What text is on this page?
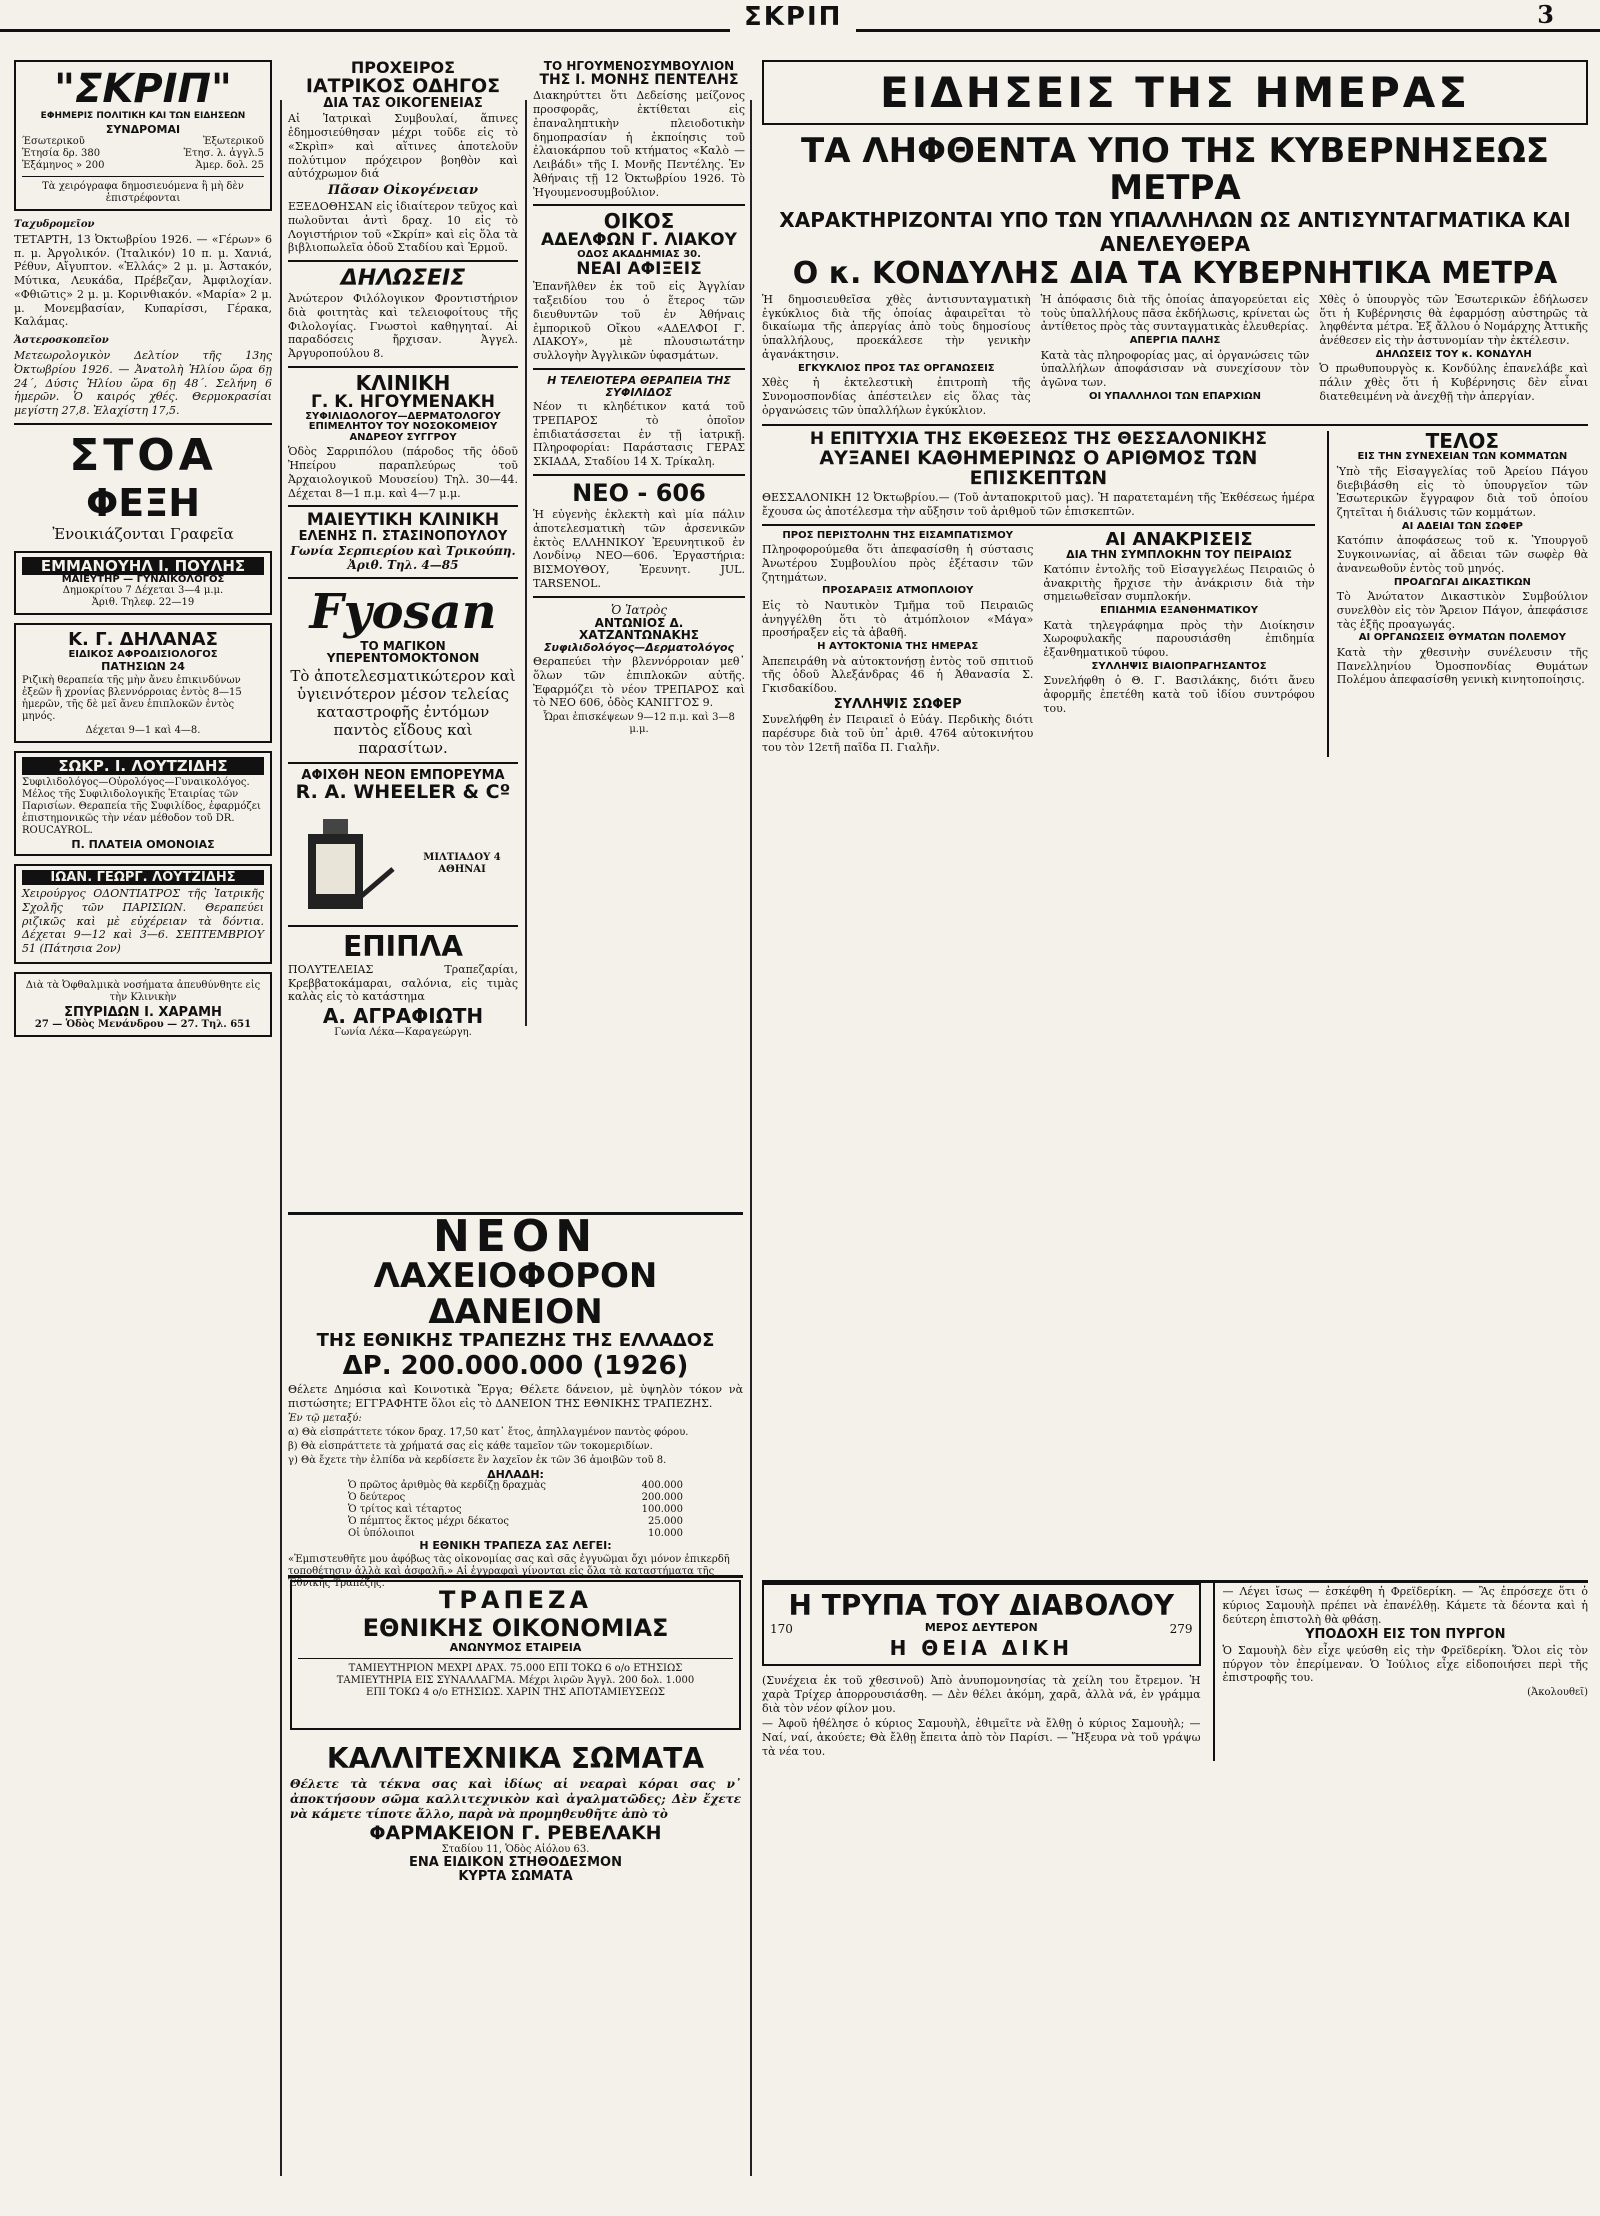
ΣΚΡΙΠ	3
"ΣΚΡΙΠ"
ΕΦΗΜΕΡΙΣ ΠΟΛΙΤΙΚΗ ΚΑΙ ΤΩΝ ΕΙΔΗΣΕΩΝ
ΣΥΝΔΡΟΜΑΙ
Έσωτερικοῦ	Ἐξωτερικοῦ
Ἐτησία δρ. 380	Ἐτησ. λ. ἀγγλ.5
Ἑξάμηνος » 200	Ἀμερ. δολ. 25
Τὰ χειρόγραφα δημοσιευόμενα ἢ μὴ δὲν ἐπιστρέφονται
Ταχυδρομεῖον

ΤΕΤΑΡΤΗ, 13 Ὀκτωβρίου 1926. — «Γέρων» 6 π. μ. Ἀργολικόν. (Ἰταλικόν) 10 π. μ. Χανιά, Ρέθυν, Αἴγυπτον. «Ἑλλάς» 2 μ. μ. Ἀστακόν, Μύτικα, Λευκάδα, Πρέβεζαν, Ἀμφιλοχίαν. «Φθιῶτις» 2 μ. μ. Κορινθιακόν. «Μαρία» 2 μ. μ. Μονεμβασίαν, Κυπαρίσσι, Γέρακα, Καλάμας.

Ἀστεροσκοπεῖον

Μετεωρολογικὸν Δελτίον τῆς 13ης Ὀκτωβρίου 1926. — Ἀνατολὴ Ἡλίου ὥρα 6ῃ 24΄, Δύσις Ἡλίου ὥρα 6ῃ 48΄. Σελήνη 6 ἡμερῶν. Ὁ καιρός χθές. Θερμοκρασίαι μεγίστη 27,8. Ἐλαχίστη 17,5.

ΣΤΟΑ
ΦΕΞΗ
Ἐνοικιάζονται Γραφεῖα
ΕΜΜΑΝΟΥΗΛ Ι. ΠΟΥΛΗΣ
ΜΑΙΕΥΤΗΡ — ΓΥΝΑΙΚΟΛΟΓΟΣ
Δημοκρίτου 7 Δέχεται 3—4 μ.μ.
Ἀριθ. Τηλεφ. 22—19
Κ. Γ. ΔΗΛΑΝΑΣ
ΕΙΔΙΚΟΣ ΑΦΡΟΔΙΣΙΟΛΟΓΟΣ
ΠΑΤΗΣΙΩΝ 24

Ριζικὴ θεραπεία τῆς μὴν ἄνευ ἐπικινδύνων ἐξεῶν ἢ χρονίας βλεννόρροιας ἐντὸς 8—15 ἡμερῶν, τῆς δὲ μεῖ ἄνευ ἐπιπλοκῶν ἐντὸς μηνός.

Δέχεται 9—1 καὶ 4—8.
ΣΩΚΡ. Ι. ΛΟΥΤΖΙΔΗΣ

Συφιλιδολόγος—Οὐρολόγος—Γυναικολόγος. Μέλος τῆς Συφιλιδολογικῆς Ἑταιρίας τῶν Παρισίων. Θεραπεία τῆς Συφιλίδος, ἐφαρμόζει ἐπιστημονικῶς τὴν νέαν μέθοδον τοῦ DR. ROUCAYROL.

Π. ΠΛΑΤΕΙΑ ΟΜΟΝΟΙΑΣ
ΙΩΑΝ. ΓΕΩΡΓ. ΛΟΥΤΖΙΔΗΣ

Χειρούργος ΟΔΟΝΤΙΑΤΡΟΣ τῆς Ἰατρικῆς Σχολῆς τῶν ΠΑΡΙΣΙΩΝ. Θεραπεύει ριζικῶς καὶ μὲ εὐχέρειαν τὰ δόντια. Δέχεται 9—12 καὶ 3—6. ΣΕΠΤΕΜΒΡΙΟΥ 51 (Πάτησια 2ον)

Διὰ τὰ Ὀφθαλμικὰ νοσήματα ἀπευθύνθητε εἰς τὴν Κλινικὴν

ΣΠΥΡΙΔΩΝ Ι. ΧΑΡΑΜΗ
27 — Ὁδὸς Μενάνδρου — 27. Τηλ. 651
ΠΡΟΧΕΙΡΟΣ
ΙΑΤΡΙΚΟΣ ΟΔΗΓΟΣ
ΔΙΑ ΤΑΣ ΟΙΚΟΓΕΝΕΙΑΣ

Αἱ Ἰατρικαὶ Συμβουλαί, ἅπινες ἐδημοσιεύθησαν μέχρι τοῦδε εἰς τὸ «Σκρὶπ» καὶ αἵτινες ἀποτελοῦν πολύτιμον πρόχειρον βοηθὸν καὶ αὐτόχρωμον διά

Πᾶσαν Οἰκογένειαν

ΕΞΕΔΟΘΗΣΑΝ εἰς ἰδιαίτερον τεῦχος καὶ πωλοῦνται ἀντὶ δραχ. 10 εἰς τὸ Λογιστήριον τοῦ «Σκρίπ» καὶ εἰς ὅλα τὰ βιβλιοπωλεῖα ὁδοῦ Σταδίου καὶ Ἑρμοῦ.

ΔΗΛΩΣΕΙΣ

Ἀνώτερον Φιλόλογικον Φροντιστήριον διὰ φοιτητὰς καὶ τελειοφοίτους τῆς Φιλολογίας. Γνωστοὶ καθηγηταί. Αἱ παραδόσεις ἤρχισαν. Ἀγγελ. Ἀργυροπούλου 8.

ΚΛΙΝΙΚΗ
Γ. Κ. ΗΓΟΥΜΕΝΑΚΗ
ΣΥΦΙΛΙΔΟΛΟΓΟΥ—ΔΕΡΜΑΤΟΛΟΓΟΥ
ΕΠΙΜΕΛΗΤΟΥ ΤΟΥ ΝΟΣΟΚΟΜΕΙΟΥ ΑΝΔΡΕΟΥ ΣΥΓΓΡΟΥ

Ὁδὸς Σαρριπόλου (πάροδος τῆς ὁδοῦ Ἠπείρου παραπλεύρως τοῦ Ἀρχαιολογικοῦ Μουσείου) Τηλ. 30—44. Δέχεται 8—1 π.μ. καὶ 4—7 μ.μ.

ΜΑΙΕΥΤΙΚΗ ΚΛΙΝΙΚΗ
ΕΛΕΝΗΣ Π. ΣΤΑΣΙΝΟΠΟΥΛΟΥ
Γωνία Σερπιερίου καὶ Τρικούπη. Ἀριθ. Τηλ. 4—85
Fyosan
ΤΟ ΜΑΓΙΚΟΝ ΥΠΕΡΕΝΤΟΜΟΚΤΟΝΟΝ

Τὸ ἀποτελεσματικώτερον καὶ ὑγιεινότερον μέσον τελείας καταστροφῆς ἐντόμων παντὸς εἴδους καὶ παρασίτων.

ΑΦΙΧΘΗ ΝΕΟΝ ΕΜΠΟΡΕΥΜΑ
R. A. WHEELER & Cº
ΜΙΛΤΙΑΔΟΥ 4 ΑΘΗΝΑΙ
ΕΠΙΠΛΑ

ΠΟΛΥΤΕΛΕΙΑΣ Τραπεζαρίαι, Κρεββατοκάμαραι, σαλόνια, εἰς τιμὰς καλὰς εἰς τὸ κατάστημα

Α. ΑΓΡΑΦΙΩΤΗ
Γωνία Λέκα—Καραγεώργη.
ΤΟ ΗΓΟΥΜΕΝΟΣΥΜΒΟΥΛΙΟΝ
ΤΗΣ Ι. ΜΟΝΗΣ ΠΕΝΤΕΛΗΣ

Διακηρύττει ὅτι Δεδείσης μείζονος προσφορᾶς, ἐκτίθεται εἰς ἐπαναληπτικὴν πλειοδοτικὴν δημοπρασίαν ἡ ἐκποίησις τοῦ ἐλαιοκάρπου τοῦ κτήματος «Καλὸ —Λειβάδι» τῆς Ι. Μονῆς Πεντέλης. Ἐν Ἀθήναις τῇ 12 Ὀκτωβρίου 1926. Τὸ Ἡγουμενοσυμβούλιον.

ΟΙΚΟΣ
ΑΔΕΛΦΩΝ Γ. ΛΙΑΚΟΥ
ΟΔΟΣ ΑΚΑΔΗΜΙΑΣ 30.
ΝΕΑΙ ΑΦΙΞΕΙΣ

Ἐπανῆλθεν ἐκ τοῦ εἰς Ἀγγλίαν ταξειδίου του ὁ ἕτερος τῶν διευθυντῶν τοῦ ἐν Ἀθήναις ἐμπορικοῦ Οἴκου «ΑΔΕΛΦΟΙ Γ. ΛΙΑΚΟΥ», μὲ πλουσιωτάτην συλλογὴν Ἀγγλικῶν ὑφασμάτων.

Η ΤΕΛΕΙΟΤΕΡΑ ΘΕΡΑΠΕΙΑ ΤΗΣ ΣΥΦΙΛΙΔΟΣ

Νέον τι κληδέτικον κατά τοῦ ΤΡΕΠΑΡΟΣ τὸ ὁποῖον ἐπιδιατάσσεται ἐν τῇ ἰατρικῇ. Πληροφορίαι: Παράστασις ΓΕΡΑΣ ΣΚΙΑΔΑ, Σταδίου 14 Χ. Τρίκαλη.

ΝΕΟ - 606

Ἡ εὐγενὴς ἐκλεκτὴ καὶ μία πάλιν ἀποτελεσματικὴ τῶν ἀρσενικῶν ἐκτὸς ΕΛΛΗΝΙΚΟΥ Ἐρευνητικοῦ ἐν Λονδίνῳ ΝΕΟ—606. Ἐργαστήρια: ΒΙΣΜΟΥΘΟΥ, Ἐρευνητ. JUL. TARSENOL.

Ὁ Ἰατρὸς
ΑΝΤΩΝΙΟΣ Δ. ΧΑΤΖΑΝΤΩΝΑΚΗΣ
Συφιλιδολόγος—Δερματολόγος

Θεραπεύει τὴν βλεννόρροιαν μεθ᾽ ὅλων τῶν ἐπιπλοκῶν αὐτῆς. Ἐφαρμόζει τὸ νέον ΤΡΕΠΑΡΟΣ καὶ τὸ ΝΕΟ 606, ὁδὸς ΚΑΝΙΓΓΟΣ 9.

Ὧραι ἐπισκέψεων 9—12 π.μ. καὶ 3—8 μ.μ.
ΝΕΟΝ
ΛΑΧΕΙΟΦΟΡΟΝ ΔΑΝΕΙΟΝ
ΤΗΣ ΕΘΝΙΚΗΣ ΤΡΑΠΕΖΗΣ ΤΗΣ ΕΛΛΑΔΟΣ
ΔΡ. 200.000.000 (1926)

Θέλετε Δημόσια καὶ Κοινοτικὰ Ἔργα; Θέλετε δάνειον, μὲ ὑψηλὸν τόκον νὰ πιστώσητε; ΕΓΓΡΑΦΗΤΕ ὅλοι εἰς τὸ ΔΑΝΕΙΟΝ ΤΗΣ ΕΘΝΙΚΗΣ ΤΡΑΠΕΖΗΣ.

Ἐν τῷ μεταξύ:

α) Θὰ εἰσπράττετε τόκον δραχ. 17,50 κατ᾽ ἔτος, ἀπηλλαγμένον παντὸς φόρου.

β) Θὰ εἰσπράττετε τὰ χρήματά σας εἰς κάθε ταμεῖον τῶν τοκομεριδίων.

γ) Θὰ ἔχετε τὴν ἐλπίδα νὰ κερδίσετε ἓν λαχεῖον ἐκ τῶν 36 ἀμοιβῶν τοῦ 8.

ΔΗΛΑΔΗ:
Ὁ πρῶτος ἀριθμὸς θὰ κερδίζῃ δραχμὰς	400.000
Ὁ δεύτερος	200.000
Ὁ τρίτος καὶ τέταρτος	100.000
Ὁ πέμπτος ἕκτος μέχρι δέκατος	25.000
Οἱ ὑπόλοιποι	10.000
Η ΕΘΝΙΚΗ ΤΡΑΠΕΖΑ ΣΑΣ ΛΕΓΕΙ:

«Ἐμπιστευθῆτε μου ἀφόβως τὰς οἰκονομίας σας καὶ σᾶς ἐγγυῶμαι ὄχι μόνον ἐπικερδῆ τοποθέτησιν ἀλλὰ καὶ ἀσφαλῆ.» Αἱ ἐγγραφαὶ γίνονται εἰς ὅλα τὰ καταστήματα τῆς Ἐθνικῆς Τραπέζης.

ΤΡΑΠΕΖΑ
ΕΘΝΙΚΗΣ ΟΙΚΟΝΟΜΙΑΣ
ΑΝΩΝΥΜΟΣ ΕΤΑΙΡΕΙΑ
ΤΑΜΙΕΥΤΗΡΙΟΝ ΜΕΧΡΙ ΔΡΑΧ. 75.000 ΕΠΙ ΤΟΚΩ 6 ο/ο ΕΤΗΣΙΩΣ
ΤΑΜΙΕΥΤΗΡΙΑ ΕΙΣ ΣΥΝΑΛΛΑΓΜΑ. Μέχρι λιρῶν Ἀγγλ. 200 δολ. 1.000
ΕΠΙ ΤΟΚΩ 4 ο/ο ΕΤΗΣΙΩΣ. ΧΑΡΙΝ ΤΗΣ ΑΠΟΤΑΜΙΕΥΣΕΩΣ
ΚΑΛΛΙΤΕΧΝΙΚΑ ΣΩΜΑΤΑ

Θέλετε τὰ τέκνα σας καὶ ἰδίως αἱ νεαραὶ κόραι σας ν᾽ ἀποκτήσουν σῶμα καλλιτεχνικὸν καὶ ἀγαλματῶδες; Δὲν ἔχετε νὰ κάμετε τίποτε ἄλλο, παρὰ νὰ προμηθευθῆτε ἀπὸ τὸ

ΦΑΡΜΑΚΕΙΟΝ Γ. ΡΕΒΕΛΑΚΗ
Σταδίου 11, Ὁδὸς Αἰόλου 63.
ΕΝΑ ΕΙΔΙΚΟΝ ΣΤΗΘΟΔΕΣΜΟΝ
ΚΥΡΤΑ ΣΩΜΑΤΑ
ΕΙΔΗΣΕΙΣ ΤΗΣ ΗΜΕΡΑΣ
ΤΑ ΛΗΦΘΕΝΤΑ ΥΠΟ ΤΗΣ ΚΥΒΕΡΝΗΣΕΩΣ ΜΕΤΡΑ
ΧΑΡΑΚΤΗΡΙΖΟΝΤΑΙ ΥΠΟ ΤΩΝ ΥΠΑΛΛΗΛΩΝ ΩΣ ΑΝΤΙΣΥΝΤΑΓΜΑΤΙΚΑ ΚΑΙ ΑΝΕΛΕΥΘΕΡΑ
Ο κ. ΚΟΝΔΥΛΗΣ ΔΙΑ ΤΑ ΚΥΒΕΡΝΗΤΙΚΑ ΜΕΤΡΑ

Ἡ δημοσιευθεῖσα χθὲς ἀντισυνταγματικὴ ἐγκύκλιος διὰ τῆς ὁποίας ἀφαιρεῖται τὸ δικαίωμα τῆς ἀπεργίας ἀπὸ τοὺς δημοσίους ὑπαλλήλους, προεκάλεσε τὴν γενικὴν ἀγανάκτησιν.

ΕΓΚΥΚΛΙΟΣ ΠΡΟΣ ΤΑΣ ΟΡΓΑΝΩΣΕΙΣ

Χθὲς ἡ ἐκτελεστικὴ ἐπιτροπὴ τῆς Συνομοσπονδίας ἀπέστειλεν εἰς ὅλας τὰς ὀργανώσεις τῶν ὑπαλλήλων ἐγκύκλιον.

Ἡ ἀπόφασις διὰ τῆς ὁποίας ἀπαγορεύεται εἰς τοὺς ὑπαλλήλους πᾶσα ἐκδήλωσις, κρίνεται ὡς ἀντίθετος πρὸς τὰς συνταγματικὰς ἐλευθερίας.

ΑΠΕΡΓΙΑ ΠΑΛΗΣ

Κατὰ τὰς πληροφορίας μας, αἱ ὀργανώσεις τῶν ὑπαλλήλων ἀποφάσισαν νὰ συνεχίσουν τὸν ἀγῶνα των.

ΟΙ ΥΠΑΛΛΗΛΟΙ ΤΩΝ ΕΠΑΡΧΙΩΝ

Χθὲς ὁ ὑπουργὸς τῶν Ἐσωτερικῶν ἐδήλωσεν ὅτι ἡ Κυβέρνησις θὰ ἐφαρμόσῃ αὐστηρῶς τὰ ληφθέντα μέτρα. Ἐξ ἄλλου ὁ Νομάρχης Ἀττικῆς ἀνέθεσεν εἰς τὴν ἀστυνομίαν τὴν ἐκτέλεσιν.

ΔΗΛΩΣΕΙΣ ΤΟΥ κ. ΚΟΝΔΥΛΗ

Ὁ πρωθυπουργὸς κ. Κονδύλης ἐπανελάβε καὶ πάλιν χθὲς ὅτι ἡ Κυβέρνησις δὲν εἶναι διατεθειμένη νὰ ἀνεχθῇ τὴν ἀπεργίαν.

Η ΕΠΙΤΥΧΙΑ ΤΗΣ ΕΚΘΕΣΕΩΣ ΤΗΣ ΘΕΣΣΑΛΟΝΙΚΗΣ
ΑΥΞΑΝΕΙ ΚΑΘΗΜΕΡΙΝΩΣ Ο ΑΡΙΘΜΟΣ ΤΩΝ ΕΠΙΣΚΕΠΤΩΝ

ΘΕΣΣΑΛΟΝΙΚΗ 12 Ὀκτωβρίου.— (Τοῦ ἀνταποκριτοῦ μας). Ἡ παρατεταμένη τῆς Ἐκθέσεως ἡμέρα ἔχουσα ὡς ἀποτέλεσμα τὴν αὔξησιν τοῦ ἀριθμοῦ τῶν ἐπισκεπτῶν.

ΠΡΟΣ ΠΕΡΙΣΤΟΛΗΝ ΤΗΣ ΕΙΣΑΜΠΑΤΙΣΜΟΥ

Πληροφορούμεθα ὅτι ἀπεφασίσθη ἡ σύστασις Ἀνωτέρου Συμβουλίου πρὸς ἐξέτασιν τῶν ζητημάτων.

ΠΡΟΣΑΡΑΞΙΣ ΑΤΜΟΠΛΟΙΟΥ

Εἰς τὸ Ναυτικὸν Τμῆμα τοῦ Πειραιῶς ἀνηγγέλθη ὅτι τὸ ἀτμόπλοιον «Μάγα» προσήραξεν εἰς τὰ ἀβαθῆ.

Η ΑΥΤΟΚΤΟΝΙΑ ΤΗΣ ΗΜΕΡΑΣ

Ἀπεπειράθη νὰ αὐτοκτονήσῃ ἐντὸς τοῦ σπιτιοῦ τῆς ὁδοῦ Ἀλεξάνδρας 46 ἡ Ἀθανασία Σ. Γκισδακίδου.

ΣΥΛΛΗΨΙΣ ΣΩΦΕΡ

Συνελήφθη ἐν Πειραιεῖ ὁ Εὐάγ. Περδικὴς διότι παρέσυρε διὰ τοῦ ὑπ᾽ ἀριθ. 4764 αὐτοκινήτου του τὸν 12ετῆ παῖδα Π. Γιαλῆν.

ΑΙ ΑΝΑΚΡΙΣΕΙΣ
ΔΙΑ ΤΗΝ ΣΥΜΠΛΟΚΗΝ ΤΟΥ ΠΕΙΡΑΙΩΣ

Κατόπιν ἐντολῆς τοῦ Εἰσαγγελέως Πειραιῶς ὁ ἀνακριτὴς ἤρχισε τὴν ἀνάκρισιν διὰ τὴν σημειωθεῖσαν συμπλοκήν.

ΕΠΙΔΗΜΙΑ ΕΞΑΝΘΗΜΑΤΙΚΟΥ

Κατὰ τηλεγράφημα πρὸς τὴν Διοίκησιν Χωροφυλακῆς παρουσιάσθη ἐπιδημία ἐξανθηματικοῦ τύφου.

ΣΥΛΛΗΨΙΣ ΒΙΑΙΟΠΡΑΓΗΣΑΝΤΟΣ

Συνελήφθη ὁ Θ. Γ. Βασιλάκης, διότι ἄνευ ἀφορμῆς ἐπετέθη κατὰ τοῦ ἰδίου συντρόφου του.

ΤΕΛΟΣ
ΕΙΣ ΤΗΝ ΣΥΝΕΧΕΙΑΝ ΤΩΝ ΚΟΜΜΑΤΩΝ

Ὑπὸ τῆς Εἰσαγγελίας τοῦ Ἀρείου Πάγου διεβιβάσθη εἰς τὸ ὑπουργεῖον τῶν Ἐσωτερικῶν ἔγγραφον διὰ τοῦ ὁποίου ζητεῖται ἡ διάλυσις τῶν κομμάτων.

ΑΙ ΑΔΕΙΑΙ ΤΩΝ ΣΩΦΕΡ

Κατόπιν ἀποφάσεως τοῦ κ. Ὑπουργοῦ Συγκοινωνίας, αἱ ἄδειαι τῶν σωφὲρ θὰ ἀνανεωθοῦν ἐντὸς τοῦ μηνός.

ΠΡΟΑΓΩΓΑΙ ΔΙΚΑΣΤΙΚΩΝ

Τὸ Ἀνώτατον Δικαστικὸν Συμβούλιον συνελθὸν εἰς τὸν Ἄρειον Πάγον, ἀπεφάσισε τὰς ἑξῆς προαγωγάς.

ΑΙ ΟΡΓΑΝΩΣΕΙΣ ΘΥΜΑΤΩΝ ΠΟΛΕΜΟΥ

Κατὰ τὴν χθεσινὴν συνέλευσιν τῆς Πανελληνίου Ὀμοσπονδίας Θυμάτων Πολέμου ἀπεφασίσθη γενικὴ κινητοποίησις.

Η ΤΡΥΠΑ ΤΟΥ ΔΙΑΒΟΛΟΥ
170	ΜΕΡΟΣ ΔΕΥΤΕΡΟΝ	279
Η ΘΕΙΑ ΔΙΚΗ

(Συνέχεια ἐκ τοῦ χθεσινοῦ) Ἀπὸ ἀνυπομονησίας τὰ χείλη του ἔτρεμον. Ἡ χαρὰ Τρίχερ ἀπορρουσιάσθη. — Δὲν θέλει ἀκόμη, χαρᾶ, ἀλλὰ νά, ἐν γράμμα διὰ τὸν νέον φίλον μου.

— Ἀφοῦ ἠθέλησε ὁ κύριος Σαμουὴλ, ἐθιμεῖτε νὰ ἔλθῃ ὁ κύριος Σαμουὴλ; — Ναί, ναί, ἀκούετε; Θὰ ἔλθῃ ἔπειτα ἀπὸ τὸν Παρίσι. — Ἤξευρα νὰ τοῦ γράψω τὰ νέα του.

— Λέγει ἴσως — ἐσκέφθη ἡ Φρεϊδερίκη. — Ἂς ἐπρόσεχε ὅτι ὁ κύριος Σαμουὴλ πρέπει νὰ ἐπανέλθῃ. Κάμετε τὰ δέοντα καὶ ἡ δεύτερη ἐπιστολὴ θὰ φθάσῃ.

ΥΠΟΔΟΧΗ ΕΙΣ ΤΟΝ ΠΥΡΓΟΝ

Ὁ Σαμουὴλ δὲν εἶχε ψεύσθη εἰς τὴν Φρεϊδερίκη. Ὅλοι εἰς τὸν πύργον τὸν ἐπερίμεναν. Ὁ Ἰούλιος εἶχε εἰδοποιήσει περὶ τῆς ἐπιστροφῆς του.

(Ἀκολουθεῖ)
